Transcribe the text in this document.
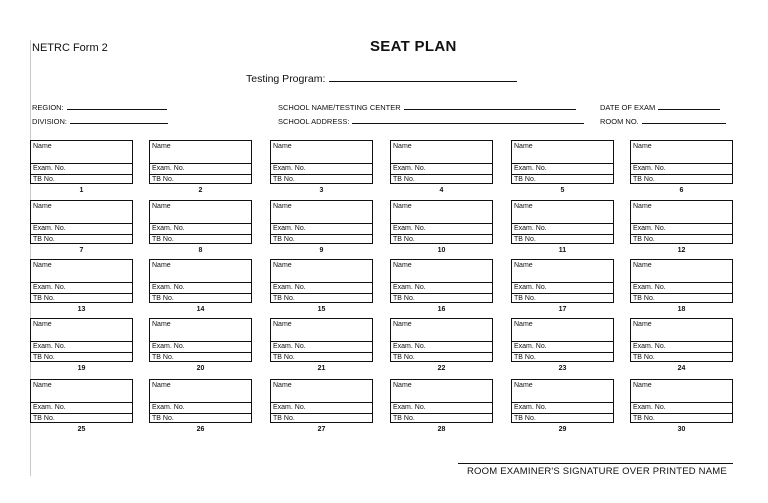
NETRC Form 2	SEAT PLAN
Testing Program:
REGION:
DIVISION:
SCHOOL NAME/TESTING CENTER
SCHOOL ADDRESS:
DATE OF EXAM
ROOM NO.
Name
Exam. No.
TB No.
1
Name
Exam. No.
TB No.
2
Name
Exam. No.
TB No.
3
Name
Exam. No.
TB No.
4
Name
Exam. No.
TB No.
5
Name
Exam. No.
TB No.
6
Name
Exam. No.
TB No.
7
Name
Exam. No.
TB No.
8
Name
Exam. No.
TB No.
9
Name
Exam. No.
TB No.
10
Name
Exam. No.
TB No.
11
Name
Exam. No.
TB No.
12
Name
Exam. No.
TB No.
13
Name
Exam. No.
TB No.
14
Name
Exam. No.
TB No.
15
Name
Exam. No.
TB No.
16
Name
Exam. No.
TB No.
17
Name
Exam. No.
TB No.
18
Name
Exam. No.
TB No.
19
Name
Exam. No.
TB No.
20
Name
Exam. No.
TB No.
21
Name
Exam. No.
TB No.
22
Name
Exam. No.
TB No.
23
Name
Exam. No.
TB No.
24
Name
Exam. No.
TB No.
25
Name
Exam. No.
TB No.
26
Name
Exam. No.
TB No.
27
Name
Exam. No.
TB No.
28
Name
Exam. No.
TB No.
29
Name
Exam. No.
TB No.
30
ROOM EXAMINER'S SIGNATURE OVER PRINTED NAME
